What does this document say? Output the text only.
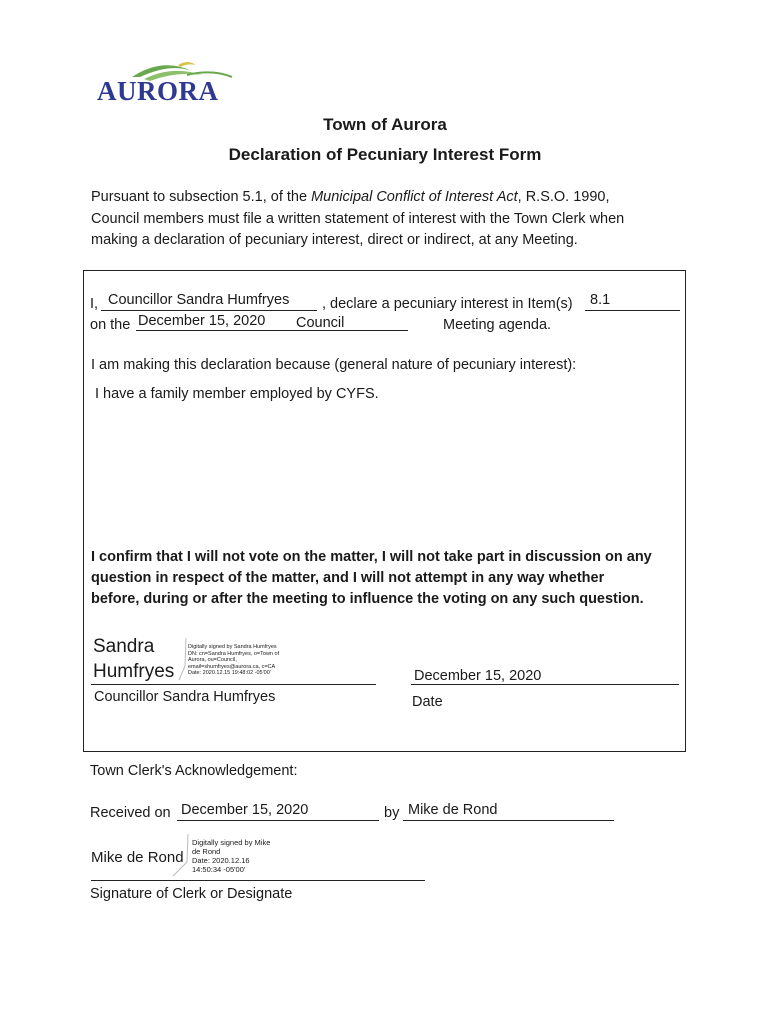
AURORA
Town of Aurora
Declaration of Pecuniary Interest Form
Pursuant to subsection 5.1, of the Municipal Conflict of Interest Act, R.S.O. 1990,
Council members must file a written statement of interest with the Town Clerk when
making a declaration of pecuniary interest, direct or indirect, at any Meeting.
I, Councillor Sandra Humfryes , declare a pecuniary interest in Item(s) 8.1
on the December 15, 2020 Council	Meeting agenda.
I am making this declaration because (general nature of pecuniary interest):
I have a family member employed by CYFS.
I confirm that I will not vote on the matter, I will not take part in discussion on any
question in respect of the matter, and I will not attempt in any way whether
before, during or after the meeting to influence the voting on any such question.
Sandra
Humfryes
Digitally signed by Sandra Humfryes
DN: cn=Sandra Humfryes, o=Town of
Aurora, ou=Council,
email=shumfryes@aurora.ca, c=CA
Date: 2020.12.15 19:48:02 -05'00'
Councillor Sandra Humfryes
December 15, 2020
Date
Town Clerk's Acknowledgement:
Received on December 15, 2020	by Mike de Rond
Mike de Rond
Digitally signed by Mike
de Rond
Date: 2020.12.16
14:50:34 -05'00'
Signature of Clerk or Designate
